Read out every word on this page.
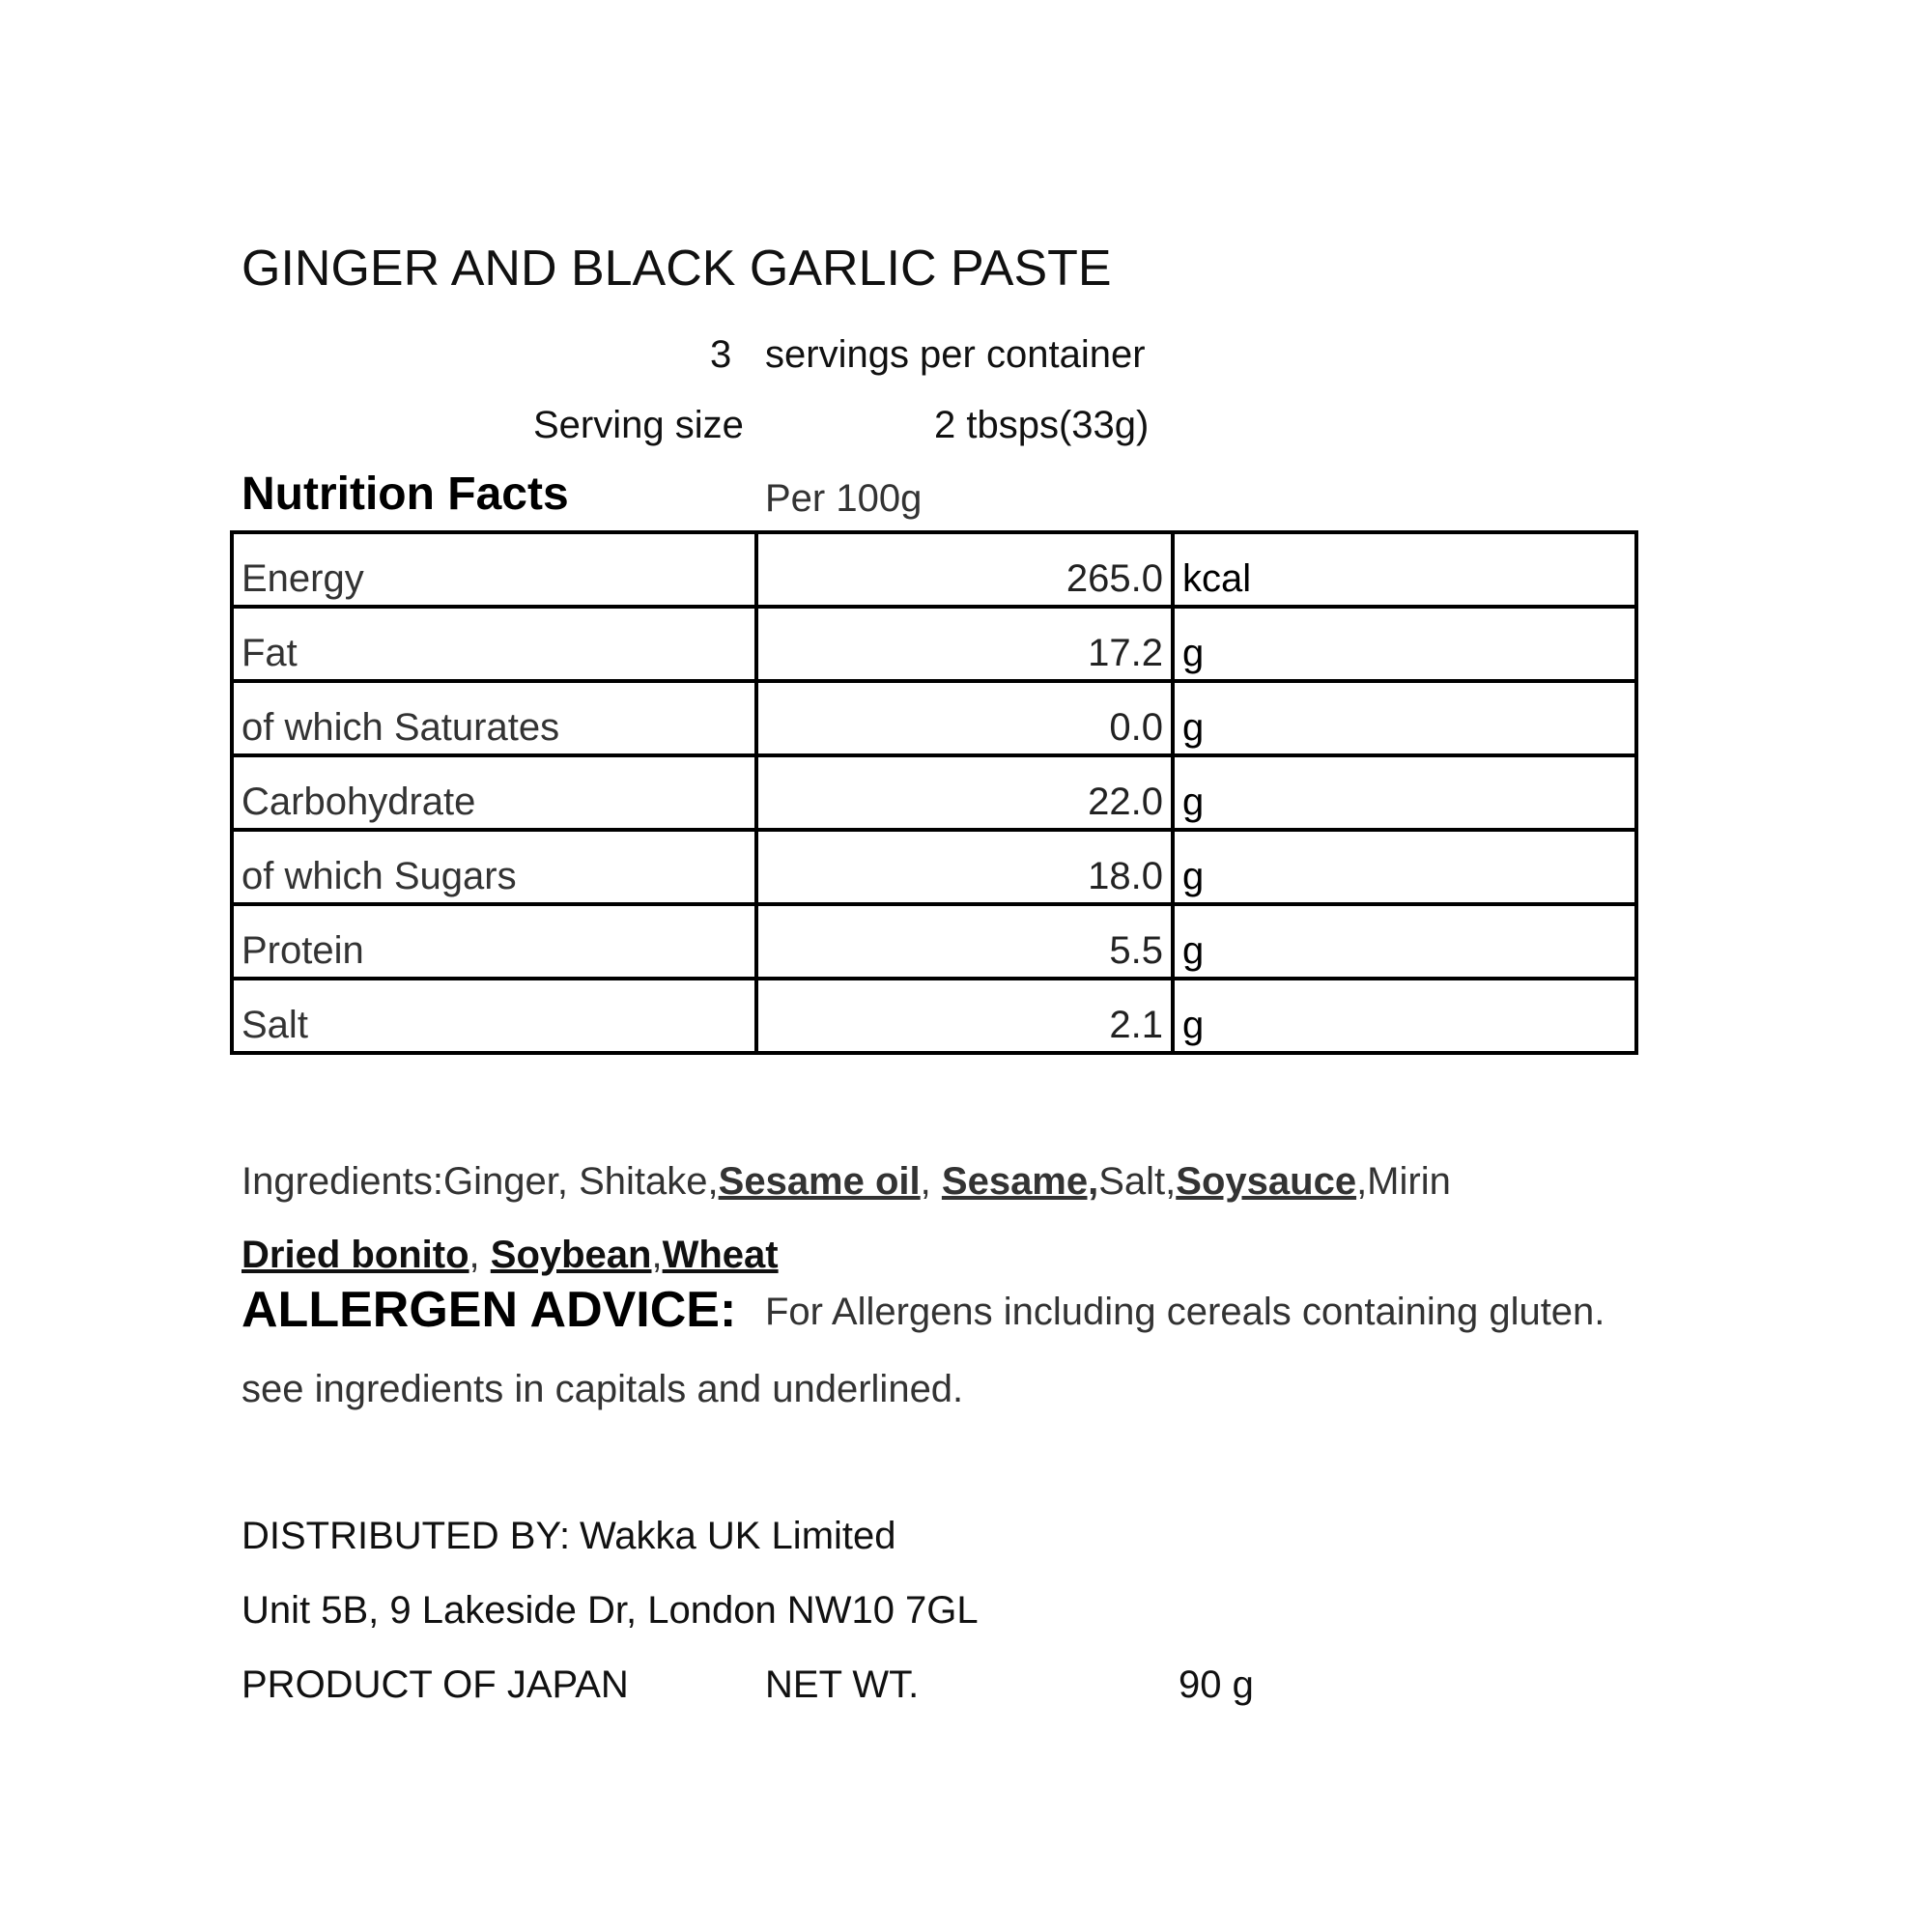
GINGER AND BLACK GARLIC PASTE
3 servings per container
Serving size	2 tbsps(33g)
Nutrition Facts	Per 100g
Energy	265.0	kcal
Fat	17.2	g
of which Saturates	0.0	g
Carbohydrate	22.0	g
of which Sugars	18.0	g
Protein	5.5	g
Salt	2.1	g
Ingredients:Ginger, Shitake,Sesame oil, Sesame,Salt,Soysauce,Mirin
Dried bonito, Soybean,Wheat
ALLERGEN ADVICE: For Allergens including cereals containing gluten.
see ingredients in capitals and underlined.
DISTRIBUTED BY: Wakka UK Limited
Unit 5B, 9 Lakeside Dr, London NW10 7GL
PRODUCT OF JAPAN	NET WT.	90 g
